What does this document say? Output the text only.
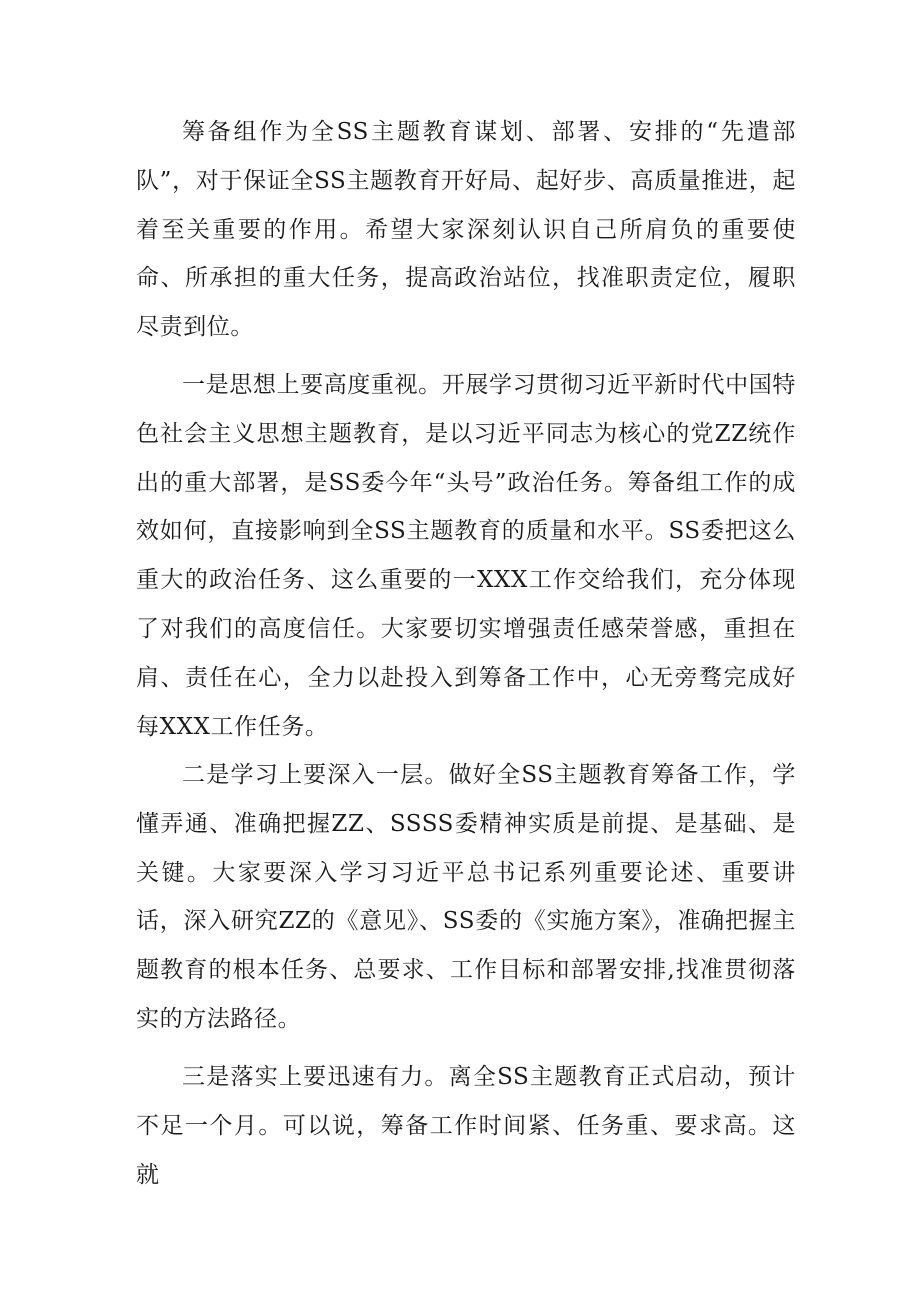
筹备组作为全SS主题教育谋划、部署、安排的“先遣部队”，对于保证全SS主题教育开好局、起好步、高质量推进，起着至关重要的作用。希望大家深刻认识自己所肩负的重要使命、所承担的重大任务，提高政治站位，找准职责定位，履职尽责到位。

一是思想上要高度重视。开展学习贯彻习近平新时代中国特色社会主义思想主题教育，是以习近平同志为核心的党ZZ统作出的重大部署，是SS委今年“头号”政治任务。筹备组工作的成效如何，直接影响到全SS主题教育的质量和水平。SS委把这么重大的政治任务、这么重要的一XXX工作交给我们，充分体现了对我们的高度信任。大家要切实增强责任感荣誉感，重担在肩、责任在心，全力以赴投入到筹备工作中，心无旁骛完成好每XXX工作任务。

二是学习上要深入一层。做好全SS主题教育筹备工作，学懂弄通、准确把握ZZ、SSSS委精神实质是前提、是基础、是关键。大家要深入学习习近平总书记系列重要论述、重要讲话，深入研究ZZ的《意见》、SS委的《实施方案》，准确把握主题教育的根本任务、总要求、工作目标和部署安排,找准贯彻落实的方法路径。

三是落实上要迅速有力。离全SS主题教育正式启动，预计不足一个月。可以说，筹备工作时间紧、任务重、要求高。这就
